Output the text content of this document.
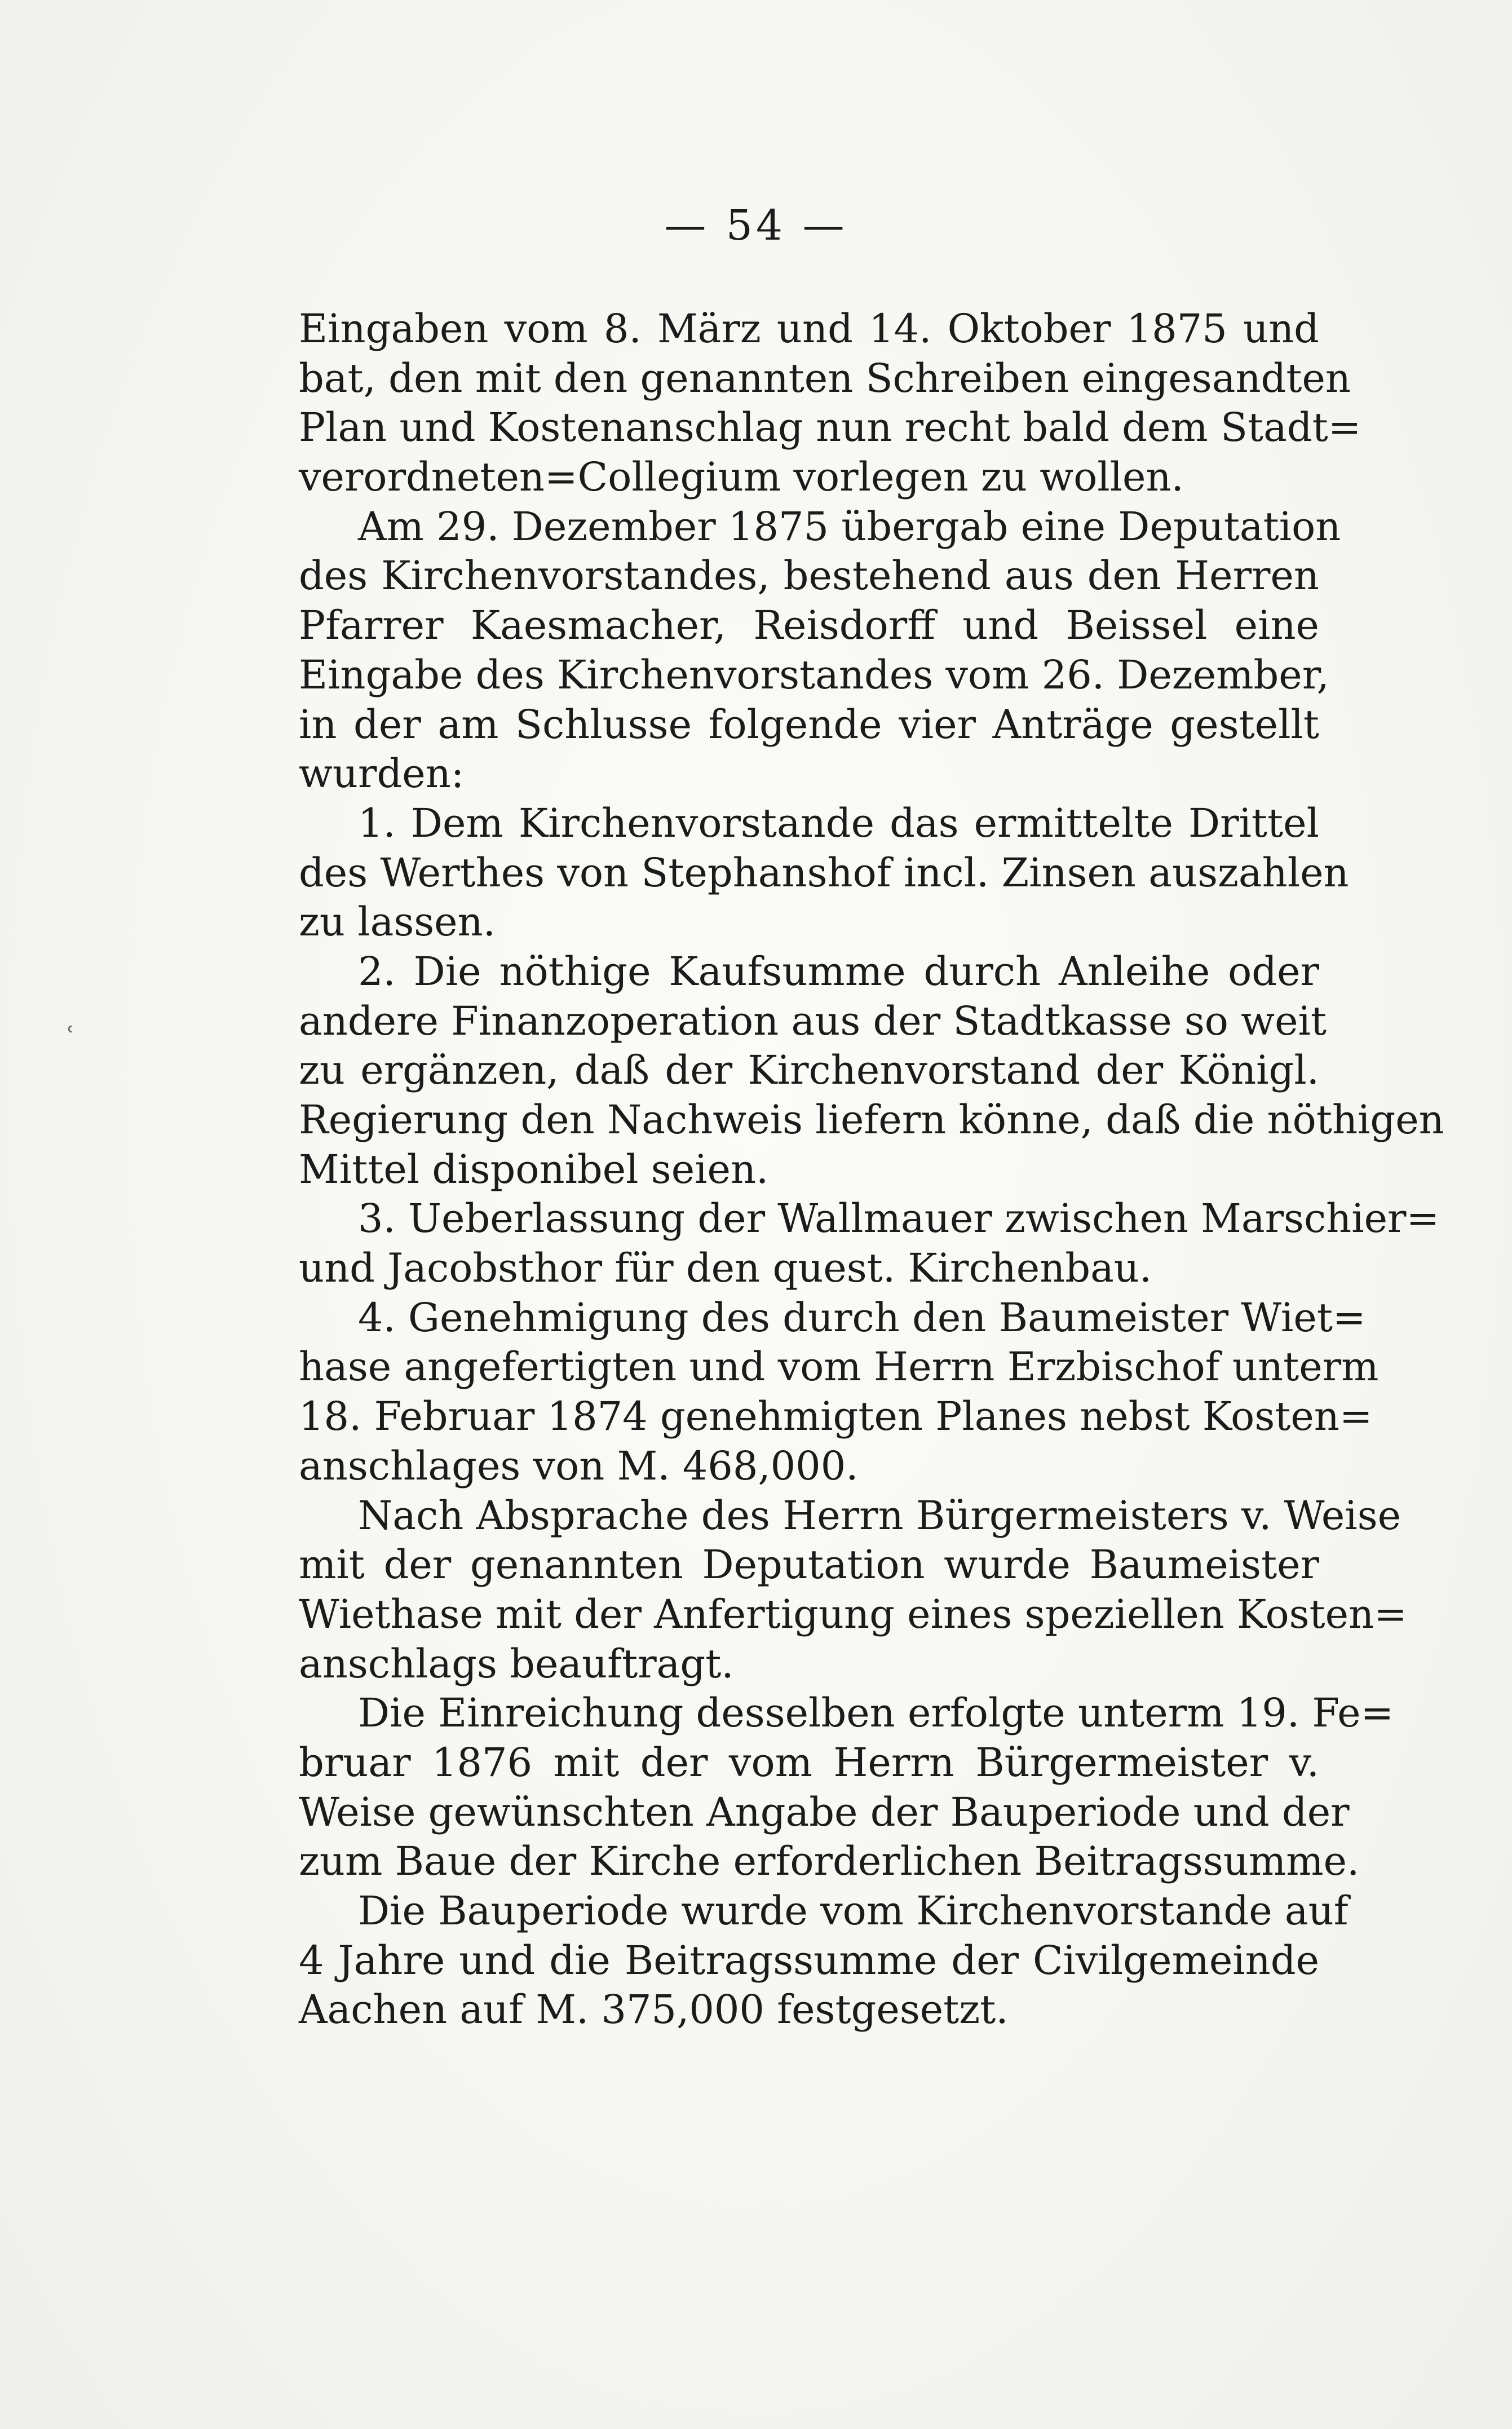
— 54 —
Eingaben vom 8. März und 14. Oktober 1875 und
bat, den mit den genannten Schreiben eingesandten
Plan und Kostenanschlag nun recht bald dem Stadt=
verordneten=Collegium vorlegen zu wollen.
Am 29. Dezember 1875 übergab eine Deputation
des Kirchenvorstandes, bestehend aus den Herren
Pfarrer Kaesmacher, Reisdorff und Beissel eine
Eingabe des Kirchenvorstandes vom 26. Dezember,
in der am Schlusse folgende vier Anträge gestellt
wurden:
1. Dem Kirchenvorstande das ermittelte Drittel
des Werthes von Stephanshof incl. Zinsen auszahlen
zu lassen.
2. Die nöthige Kaufsumme durch Anleihe oder
andere Finanzoperation aus der Stadtkasse so weit
zu ergänzen, daß der Kirchenvorstand der Königl.
Regierung den Nachweis liefern könne, daß die nöthigen
Mittel disponibel seien.
3. Ueberlassung der Wallmauer zwischen Marschier=
und Jacobsthor für den quest. Kirchenbau.
4. Genehmigung des durch den Baumeister Wiet=
hase angefertigten und vom Herrn Erzbischof unterm
18. Februar 1874 genehmigten Planes nebst Kosten=
anschlages von M. 468,000.
Nach Absprache des Herrn Bürgermeisters v. Weise
mit der genannten Deputation wurde Baumeister
Wiethase mit der Anfertigung eines speziellen Kosten=
anschlags beauftragt.
Die Einreichung desselben erfolgte unterm 19. Fe=
bruar 1876 mit der vom Herrn Bürgermeister v.
Weise gewünschten Angabe der Bauperiode und der
zum Baue der Kirche erforderlichen Beitragssumme.
Die Bauperiode wurde vom Kirchenvorstande auf
4 Jahre und die Beitragssumme der Civilgemeinde
Aachen auf M. 375,000 festgesetzt.
ʿ
